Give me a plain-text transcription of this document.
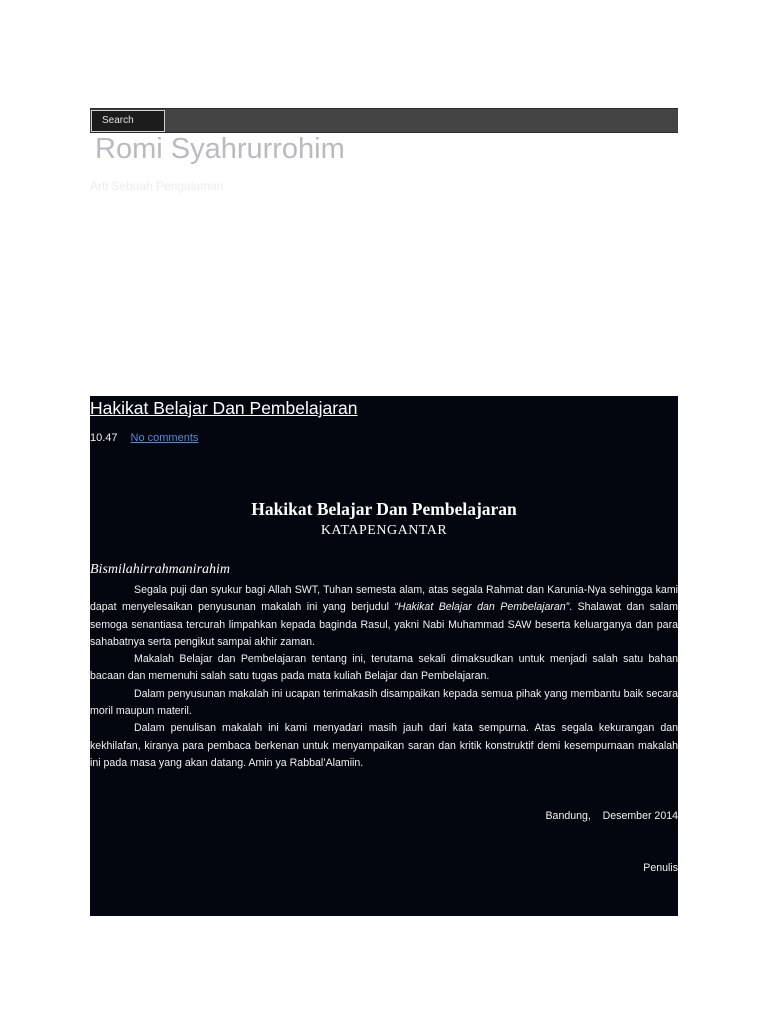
Search
Romi Syahrurrohim
Arti Sebuah Pengalaman
Hakikat Belajar Dan Pembelajaran
10.47 No comments
Hakikat Belajar Dan Pembelajaran
KATAPENGANTAR
Bismilahirrahmanirahim

Segala puji dan syukur bagi Allah SWT, Tuhan semesta alam, atas segala Rahmat dan Karunia-Nya sehingga kami dapat menyelesaikan penyusunan makalah ini yang berjudul “Hakikat Belajar dan Pembelajaran”. Shalawat dan salam semoga senantiasa tercurah limpahkan kepada baginda Rasul, yakni Nabi Muhammad SAW beserta keluarganya dan para sahabatnya serta pengikut sampai akhir zaman.

Makalah Belajar dan Pembelajaran tentang ini, terutama sekali dimaksudkan untuk menjadi salah satu bahan bacaan dan memenuhi salah satu tugas pada mata kuliah Belajar dan Pembelajaran.

Dalam penyusunan makalah ini ucapan terimakasih disampaikan kepada semua pihak yang membantu baik secara moril maupun materil.

Dalam penulisan makalah ini kami menyadari masih jauh dari kata sempurna. Atas segala kekurangan dan kekhilafan, kiranya para pembaca berkenan untuk menyampaikan saran dan kritik konstruktif demi kesempurnaan makalah ini pada masa yang akan datang. Amin ya Rabbal’Alamiin.

Bandung,    Desember 2014
Penulis
